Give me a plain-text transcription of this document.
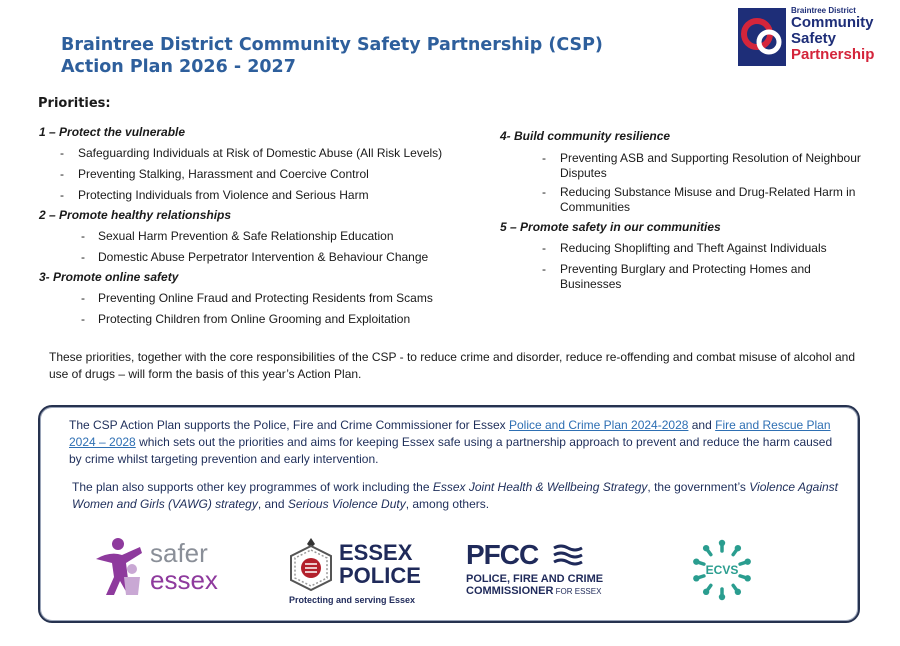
Braintree District Community Safety Partnership (CSP)
Action Plan 2026 - 2027
Braintree District
Community
Safety
Partnership
Priorities:
1 – Protect the vulnerable
- Safeguarding Individuals at Risk of Domestic Abuse (All Risk Levels)
- Preventing Stalking, Harassment and Coercive Control
- Protecting Individuals from Violence and Serious Harm
2 – Promote healthy relationships
- Sexual Harm Prevention & Safe Relationship Education
- Domestic Abuse Perpetrator Intervention & Behaviour Change
3- Promote online safety
- Preventing Online Fraud and Protecting Residents from Scams
- Protecting Children from Online Grooming and Exploitation
4- Build community resilience
- Preventing ASB and Supporting Resolution of Neighbour Disputes
- Reducing Substance Misuse and Drug-Related Harm in Communities
5 – Promote safety in our communities
- Reducing Shoplifting and Theft Against Individuals
- Preventing Burglary and Protecting Homes and Businesses
These priorities, together with the core responsibilities of the CSP - to reduce crime and disorder, reduce re-offending and combat misuse of alcohol and use of drugs – will form the basis of this year’s Action Plan.
The CSP Action Plan supports the Police, Fire and Crime Commissioner for Essex Police and Crime Plan 2024-2028 and Fire and Rescue Plan 2024 – 2028 which sets out the priorities and aims for keeping Essex safe using a partnership approach to prevent and reduce the harm caused by crime whilst targeting prevention and early intervention.
The plan also supports other key programmes of work including the Essex Joint Health & Wellbeing Strategy, the government’s Violence Against Women and Girls (VAWG) strategy, and Serious Violence Duty, among others.
safer
essex
ESSEX
POLICE
Protecting and serving Essex
PFCC
POLICE, FIRE AND CRIME
COMMISSIONER FOR ESSEX
ECVS
